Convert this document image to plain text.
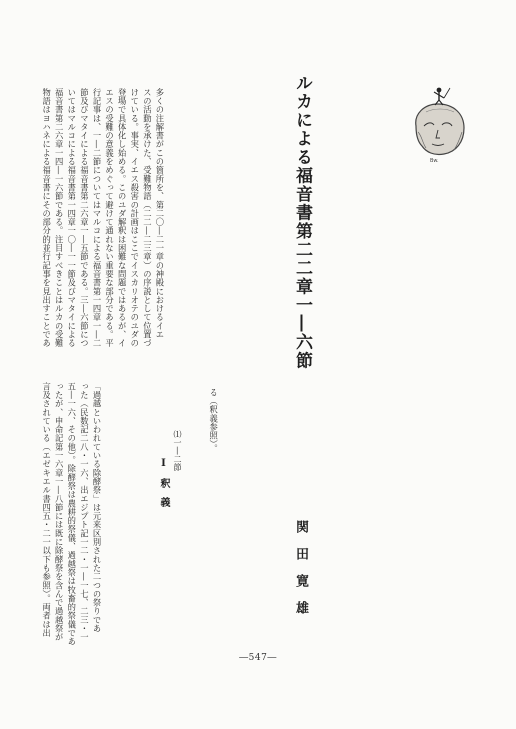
ルカによる福音書第二二章一―六節
関田寛雄
Bw.
多くの注解書がこの箇所を、第二〇―二一章の神殿におけるイエ
スの活動を承けた、受難物語（二二―二三章）の序説として位置づ
けている。事実、イエス殺害の計画はここでイスカリオテのユダの
登場で具体化し始める。このユダ解釈は困難な問題ではあるが、イ
エスの受難の意義をめぐって避けて通れない重要な部分である。平
行記事は、一―二節についてはマルコによる福音書第一四章一―二
節及びマタイによる福音書第二六章一―五節である。三―六節につ
いてはマルコによる福音書第一四章一〇―一一節及びマタイによる
福音書第二六章一四―一六節である。注目すべきことはルカの受難
物語はヨハネによる福音書にその部分的並行記事を見出すことであ
る（釈義参照）。
Ⅰ釈義
⑴一―二節
「過越といわれている除酵祭」は元来区別された二つの祭りであ
った（民数記二八・一六、出エジプト記一二・一―一七、二三・一
五―一六、その他）。除酵祭は農耕的祭儀、過越祭は牧畜的祭儀であ
ったが、申命記第一六章一―八節には既に除酵祭を含んで過越祭が
言及されている（エゼキエル書四五・二一以下も参照）。両者は出
―547―
